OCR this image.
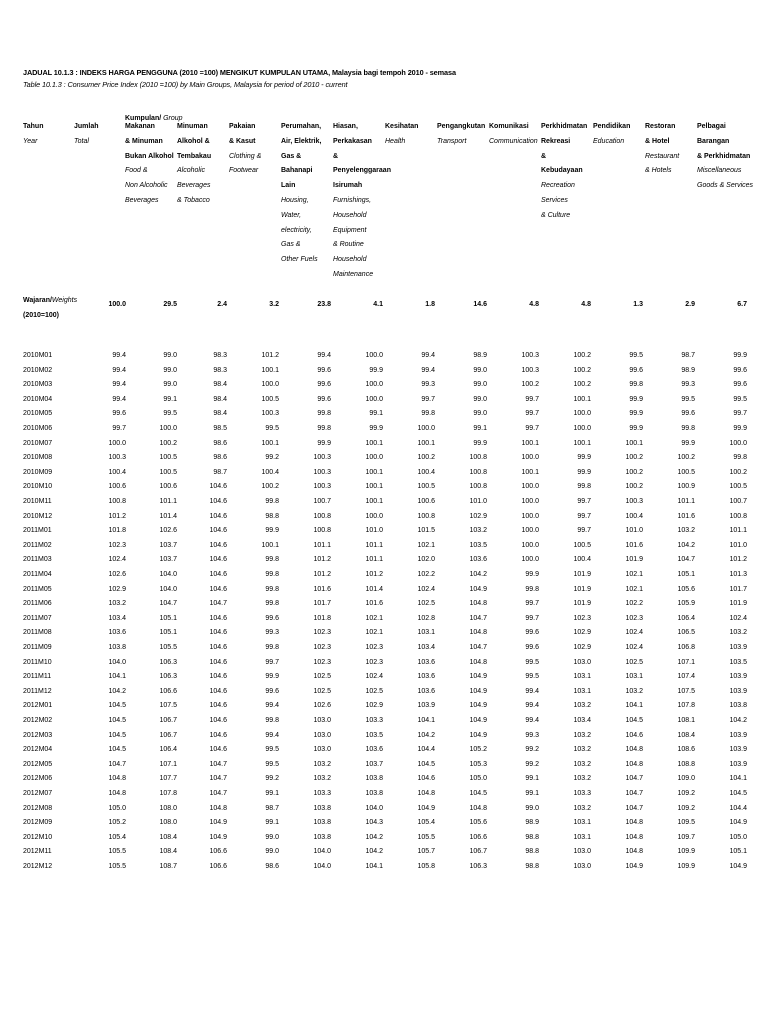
JADUAL 10.1.3 : INDEKS HARGA PENGGUNA (2010 =100) MENGIKUT KUMPULAN UTAMA, Malaysia bagi tempoh 2010 - semasa
Table 10.1.3 : Consumer Price Index (2010 =100) by Main Groups, Malaysia for period of 2010 - current
Kumpulan/ Group
Tahun
Year
Jumlah
Total
Makanan
& Minuman
Bukan Alkohol
Food &
Non Alcoholic
Beverages
Minuman
Alkohol &
Tembakau
Alcoholic
Beverages
& Tobacco
Pakaian
& Kasut
Clothing &
Footwear
Perumahan,
Air, Elektrik,
Gas &
Bahanapi
Lain
Housing,
Water,
electricity,
Gas &
Other Fuels
Hiasan,
Perkakasan
&
Penyelenggaraan
Isirumah
Furnishings,
Household
Equipment
& Routine
Household
Maintenance
Kesihatan
Health
Pengangkutan
Transport
Komunikasi
Communication
Perkhidmatan
Rekreasi
&
Kebudayaan
Recreation
Services
& Culture
Pendidikan
Education
Restoran
& Hotel
Restaurant
& Hotels
Pelbagai
Barangan
& Perkhidmatan
Miscellaneous
Goods & Services
Wajaran/Weights
(2010=100)
100.0	29.5	2.4	3.2	23.8	4.1	1.8	14.6	4.8	4.8	1.3	2.9	6.7
2010M01	99.4	99.0	98.3	101.2	99.4	100.0	99.4	98.9	100.3	100.2	99.5	98.7	99.9
2010M02	99.4	99.0	98.3	100.1	99.6	99.9	99.4	99.0	100.3	100.2	99.6	98.9	99.6
2010M03	99.4	99.0	98.4	100.0	99.6	100.0	99.3	99.0	100.2	100.2	99.8	99.3	99.6
2010M04	99.4	99.1	98.4	100.5	99.6	100.0	99.7	99.0	99.7	100.1	99.9	99.5	99.5
2010M05	99.6	99.5	98.4	100.3	99.8	99.1	99.8	99.0	99.7	100.0	99.9	99.6	99.7
2010M06	99.7	100.0	98.5	99.5	99.8	99.9	100.0	99.1	99.7	100.0	99.9	99.8	99.9
2010M07	100.0	100.2	98.6	100.1	99.9	100.1	100.1	99.9	100.1	100.1	100.1	99.9	100.0
2010M08	100.3	100.5	98.6	99.2	100.3	100.0	100.2	100.8	100.0	99.9	100.2	100.2	99.8
2010M09	100.4	100.5	98.7	100.4	100.3	100.1	100.4	100.8	100.1	99.9	100.2	100.5	100.2
2010M10	100.6	100.6	104.6	100.2	100.3	100.1	100.5	100.8	100.0	99.8	100.2	100.9	100.5
2010M11	100.8	101.1	104.6	99.8	100.7	100.1	100.6	101.0	100.0	99.7	100.3	101.1	100.7
2010M12	101.2	101.4	104.6	98.8	100.8	100.0	100.8	102.9	100.0	99.7	100.4	101.6	100.8
2011M01	101.8	102.6	104.6	99.9	100.8	101.0	101.5	103.2	100.0	99.7	101.0	103.2	101.1
2011M02	102.3	103.7	104.6	100.1	101.1	101.1	102.1	103.5	100.0	100.5	101.6	104.2	101.0
2011M03	102.4	103.7	104.6	99.8	101.2	101.1	102.0	103.6	100.0	100.4	101.9	104.7	101.2
2011M04	102.6	104.0	104.6	99.8	101.2	101.2	102.2	104.2	99.9	101.9	102.1	105.1	101.3
2011M05	102.9	104.0	104.6	99.8	101.6	101.4	102.4	104.9	99.8	101.9	102.1	105.6	101.7
2011M06	103.2	104.7	104.7	99.8	101.7	101.6	102.5	104.8	99.7	101.9	102.2	105.9	101.9
2011M07	103.4	105.1	104.6	99.6	101.8	102.1	102.8	104.7	99.7	102.3	102.3	106.4	102.4
2011M08	103.6	105.1	104.6	99.3	102.3	102.1	103.1	104.8	99.6	102.9	102.4	106.5	103.2
2011M09	103.8	105.5	104.6	99.8	102.3	102.3	103.4	104.7	99.6	102.9	102.4	106.8	103.9
2011M10	104.0	106.3	104.6	99.7	102.3	102.3	103.6	104.8	99.5	103.0	102.5	107.1	103.5
2011M11	104.1	106.3	104.6	99.9	102.5	102.4	103.6	104.9	99.5	103.1	103.1	107.4	103.9
2011M12	104.2	106.6	104.6	99.6	102.5	102.5	103.6	104.9	99.4	103.1	103.2	107.5	103.9
2012M01	104.5	107.5	104.6	99.4	102.6	102.9	103.9	104.9	99.4	103.2	104.1	107.8	103.8
2012M02	104.5	106.7	104.6	99.8	103.0	103.3	104.1	104.9	99.4	103.4	104.5	108.1	104.2
2012M03	104.5	106.7	104.6	99.4	103.0	103.5	104.2	104.9	99.3	103.2	104.6	108.4	103.9
2012M04	104.5	106.4	104.6	99.5	103.0	103.6	104.4	105.2	99.2	103.2	104.8	108.6	103.9
2012M05	104.7	107.1	104.7	99.5	103.2	103.7	104.5	105.3	99.2	103.2	104.8	108.8	103.9
2012M06	104.8	107.7	104.7	99.2	103.2	103.8	104.6	105.0	99.1	103.2	104.7	109.0	104.1
2012M07	104.8	107.8	104.7	99.1	103.3	103.8	104.8	104.5	99.1	103.3	104.7	109.2	104.5
2012M08	105.0	108.0	104.8	98.7	103.8	104.0	104.9	104.8	99.0	103.2	104.7	109.2	104.4
2012M09	105.2	108.0	104.9	99.1	103.8	104.3	105.4	105.6	98.9	103.1	104.8	109.5	104.9
2012M10	105.4	108.4	104.9	99.0	103.8	104.2	105.5	106.6	98.8	103.1	104.8	109.7	105.0
2012M11	105.5	108.4	106.6	99.0	104.0	104.2	105.7	106.7	98.8	103.0	104.8	109.9	105.1
2012M12	105.5	108.7	106.6	98.6	104.0	104.1	105.8	106.3	98.8	103.0	104.9	109.9	104.9
